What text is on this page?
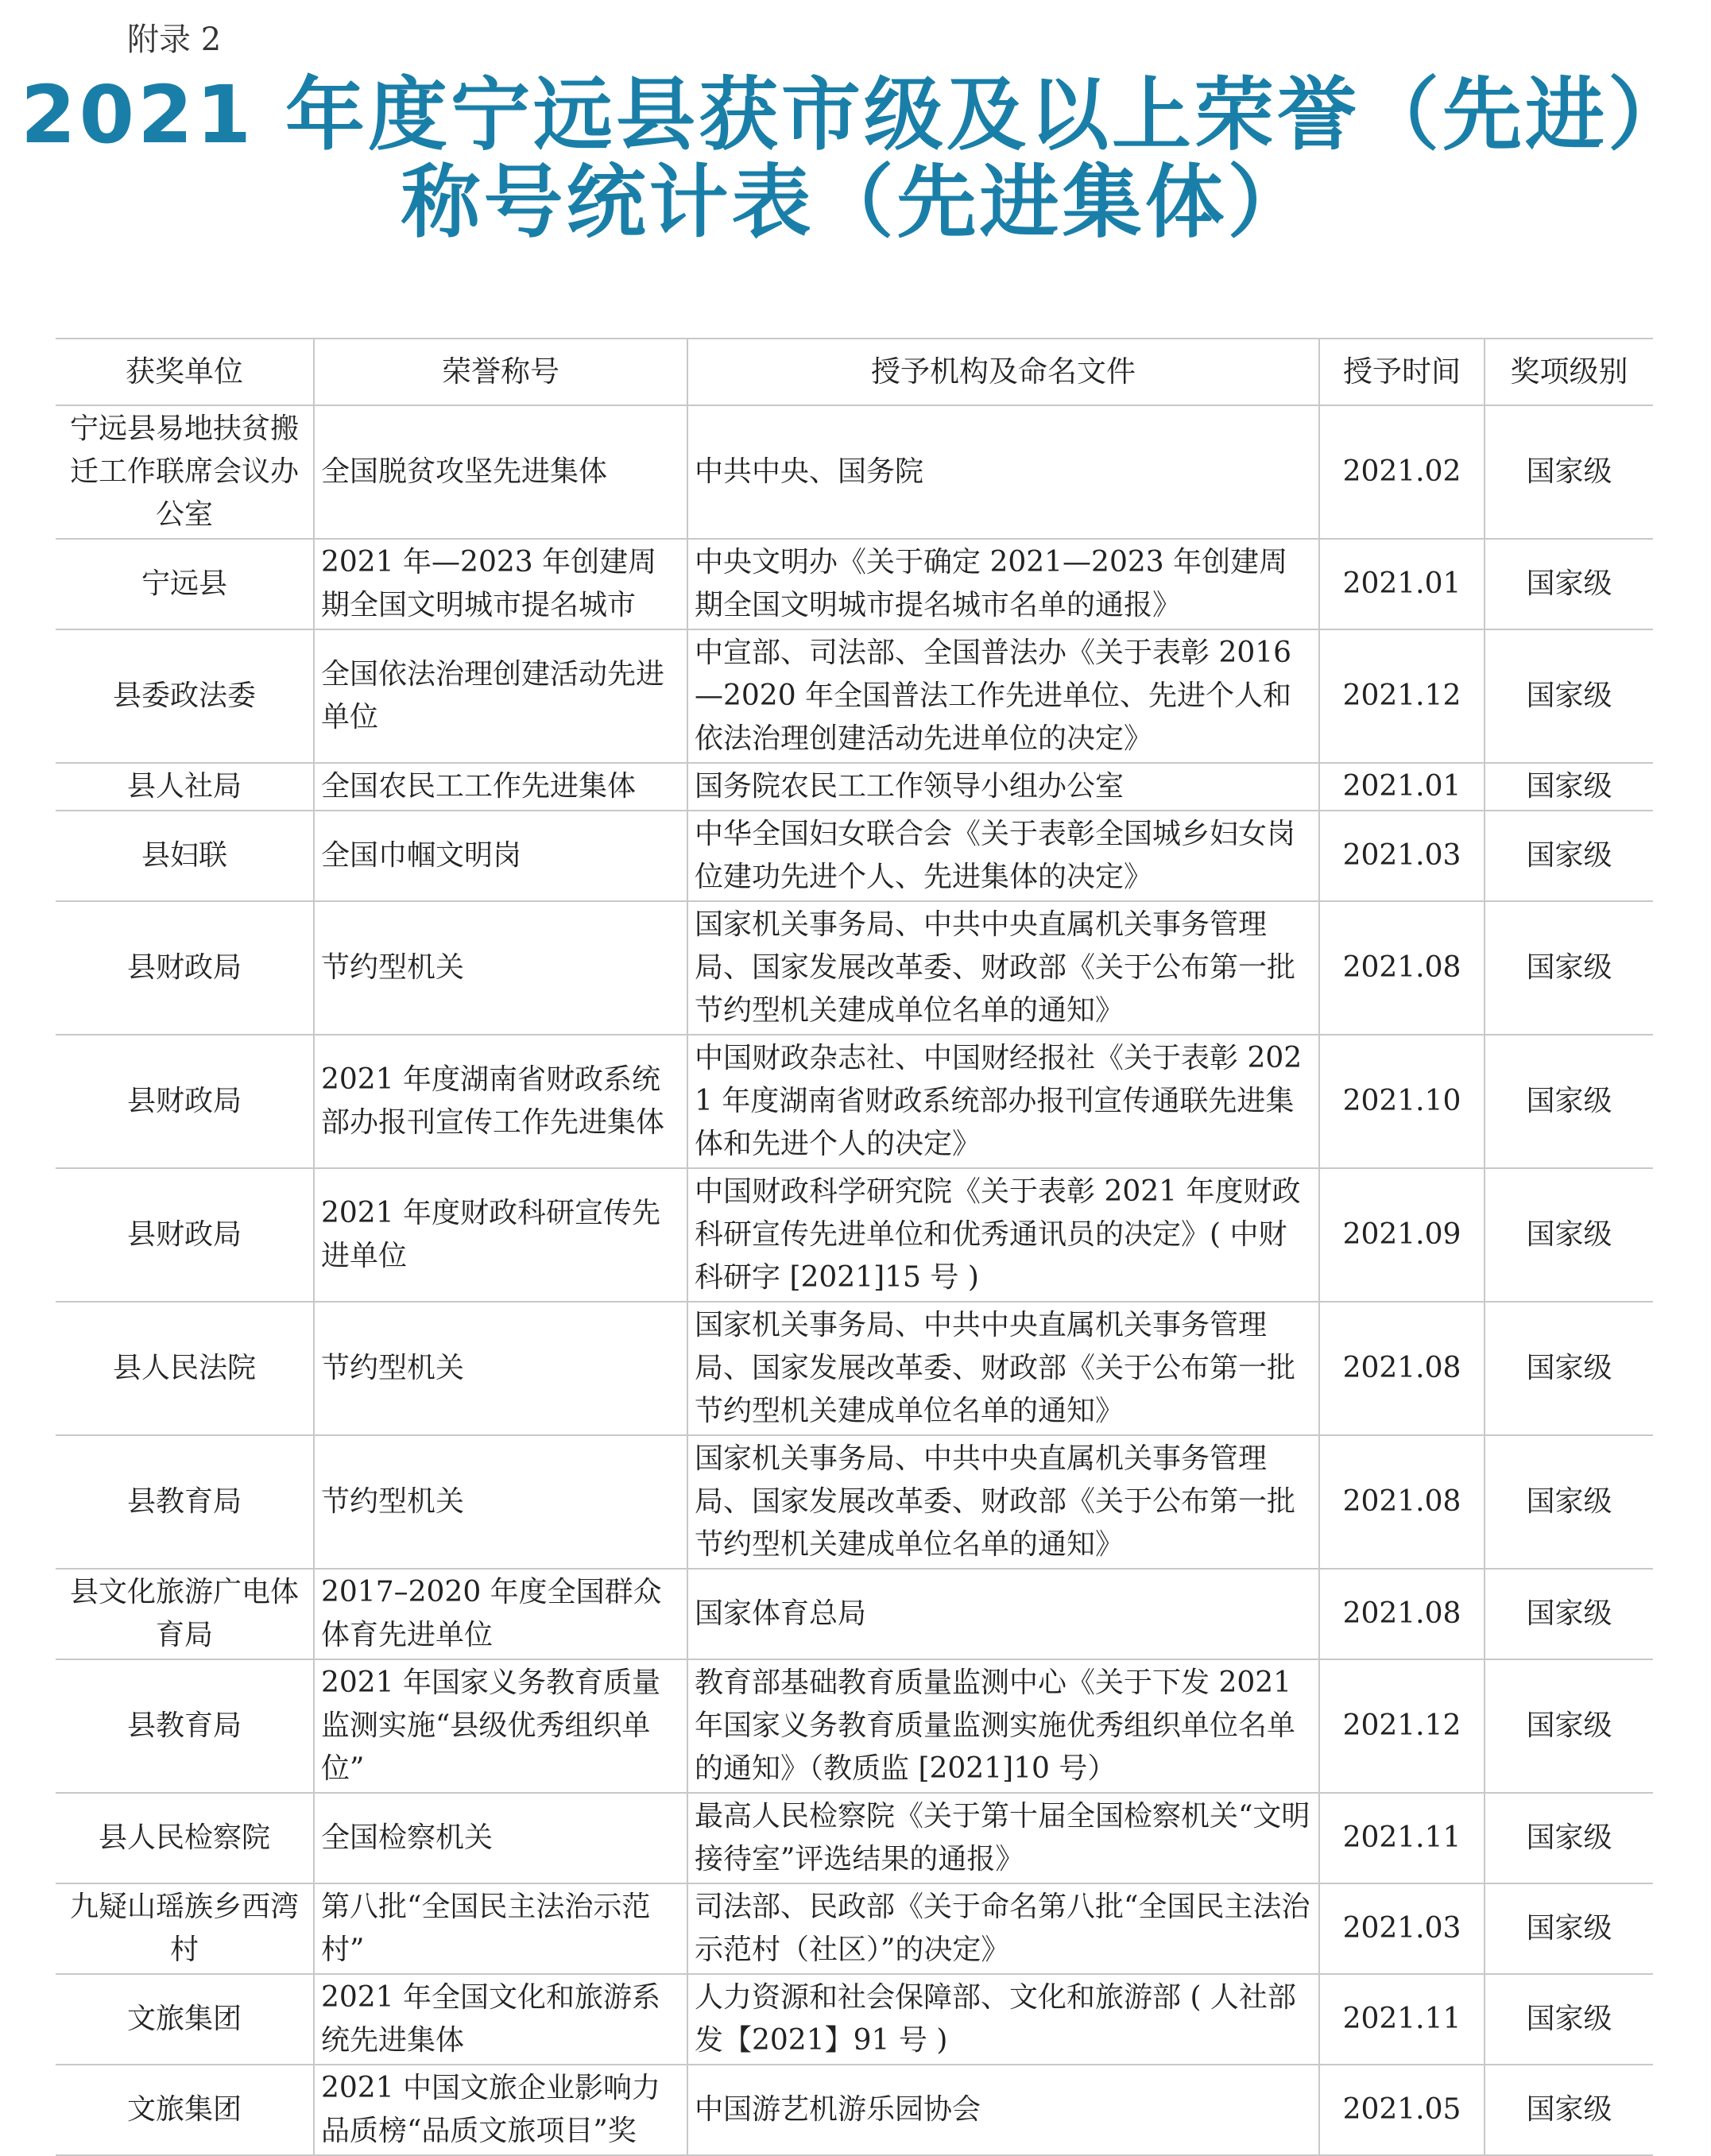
附录 2
2021 年度宁远县获市级及以上荣誉（先进）
称号统计表（先进集体）
获奖单位	荣誉称号	授予机构及命名文件	授予时间	奖项级别
宁远县易地扶贫搬迁工作联席会议办公室	全国脱贫攻坚先进集体	中共中央、国务院	2021.02	国家级
宁远县	2021 年—2023 年创建周期全国文明城市提名城市	中央文明办《关于确定 2021—2023 年创建周期全国文明城市提名城市名单的通报》	2021.01	国家级
县委政法委	全国依法治理创建活动先进单位	中宣部、司法部、全国普法办《关于表彰 2016—2020 年全国普法工作先进单位、先进个人和依法治理创建活动先进单位的决定》	2021.12	国家级
县人社局	全国农民工工作先进集体	国务院农民工工作领导小组办公室	2021.01	国家级
县妇联	全国巾帼文明岗	中华全国妇女联合会《关于表彰全国城乡妇女岗位建功先进个人、先进集体的决定》	2021.03	国家级
县财政局	节约型机关	国家机关事务局、中共中央直属机关事务管理局、国家发展改革委、财政部《关于公布第一批节约型机关建成单位名单的通知》	2021.08	国家级
县财政局	2021 年度湖南省财政系统部办报刊宣传工作先进集体	中国财政杂志社、中国财经报社《关于表彰 2021 年度湖南省财政系统部办报刊宣传通联先进集体和先进个人的决定》	2021.10	国家级
县财政局	2021 年度财政科研宣传先进单位	中国财政科学研究院《关于表彰 2021 年度财政科研宣传先进单位和优秀通讯员的决定》( 中财科研字 [2021]15 号 )	2021.09	国家级
县人民法院	节约型机关	国家机关事务局、中共中央直属机关事务管理局、国家发展改革委、财政部《关于公布第一批节约型机关建成单位名单的通知》	2021.08	国家级
县教育局	节约型机关	国家机关事务局、中共中央直属机关事务管理局、国家发展改革委、财政部《关于公布第一批节约型机关建成单位名单的通知》	2021.08	国家级
县文化旅游广电体育局	2017–2020 年度全国群众体育先进单位	国家体育总局	2021.08	国家级
县教育局	2021 年国家义务教育质量监测实施“县级优秀组织单位”	教育部基础教育质量监测中心《关于下发 2021 年国家义务教育质量监测实施优秀组织单位名单的通知》（教质监 [2021]10 号）	2021.12	国家级
县人民检察院	全国检察机关	最高人民检察院《关于第十届全国检察机关“文明接待室”评选结果的通报》	2021.11	国家级
九疑山瑶族乡西湾村	第八批“全国民主法治示范村”	司法部、民政部《关于命名第八批“全国民主法治示范村（社区）”的决定》	2021.03	国家级
文旅集团	2021 年全国文化和旅游系统先进集体	人力资源和社会保障部、文化和旅游部 ( 人社部发【2021】91 号 )	2021.11	国家级
文旅集团	2021 中国文旅企业影响力品质榜“品质文旅项目”奖	中国游艺机游乐园协会	2021.05	国家级
